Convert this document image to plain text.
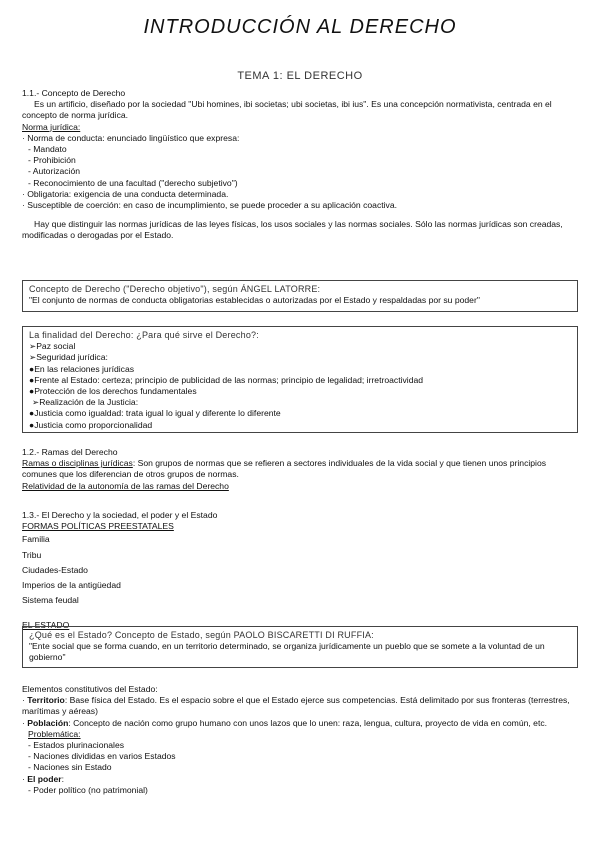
INTRODUCCIÓN AL DERECHO
TEMA 1: EL DERECHO

1.1.- Concepto de Derecho

Es un artificio, diseñado por la sociedad "Ubi homines, ibi societas; ubi societas, ibi ius". Es una concepción normativista, centrada en el concepto de norma jurídica.

Norma jurídica:

· Norma de conducta: enunciado lingüístico que expresa:

- Mandato

- Prohibición

- Autorización

- Reconocimiento de una facultad ("derecho subjetivo")

· Obligatoria: exigencia de una conducta determinada.

· Susceptible de coerción: en caso de incumplimiento, se puede proceder a su aplicación coactiva.

Hay que distinguir las normas jurídicas de las leyes físicas, los usos sociales y las normas sociales. Sólo las normas jurídicas son creadas, modificadas o derogadas por el Estado.

Concepto de Derecho ("Derecho objetivo"), según ÁNGEL LATORRE:

"El conjunto de normas de conducta obligatorias establecidas o autorizadas por el Estado y respaldadas por su poder"

La finalidad del Derecho: ¿Para qué sirve el Derecho?:

➢Paz social

➢Seguridad jurídica:

●En las relaciones jurídicas

●Frente al Estado: certeza; principio de publicidad de las normas; principio de legalidad; irretroactividad

●Protección de los derechos fundamentales

➢Realización de la Justicia:

●Justicia como igualdad: trata igual lo igual y diferente lo diferente

●Justicia como proporcionalidad

1.2.- Ramas del Derecho

Ramas o disciplinas jurídicas: Son grupos de normas que se refieren a sectores individuales de la vida social y que tienen unos principios comunes que los diferencian de otros grupos de normas.

Relatividad de la autonomía de las ramas del Derecho

1.3.- El Derecho y la sociedad, el poder y el Estado

FORMAS POLÍTICAS PREESTATALES

Familia

Tribu

Ciudades-Estado

Imperios de la antigüedad

Sistema feudal

EL ESTADO

¿Qué es el Estado? Concepto de Estado, según PAOLO BISCARETTI DI RUFFIA:

"Ente social que se forma cuando, en un territorio determinado, se organiza jurídicamente un pueblo que se somete a la voluntad de un gobierno"

Elementos constitutivos del Estado:

· Territorio: Base física del Estado. Es el espacio sobre el que el Estado ejerce sus competencias. Está delimitado por sus fronteras (terrestres, marítimas y aéreas)

· Población: Concepto de nación como grupo humano con unos lazos que lo unen: raza, lengua, cultura, proyecto de vida en común, etc.

Problemática:

- Estados plurinacionales

- Naciones divididas en varios Estados

- Naciones sin Estado

· El poder:

- Poder político (no patrimonial)
